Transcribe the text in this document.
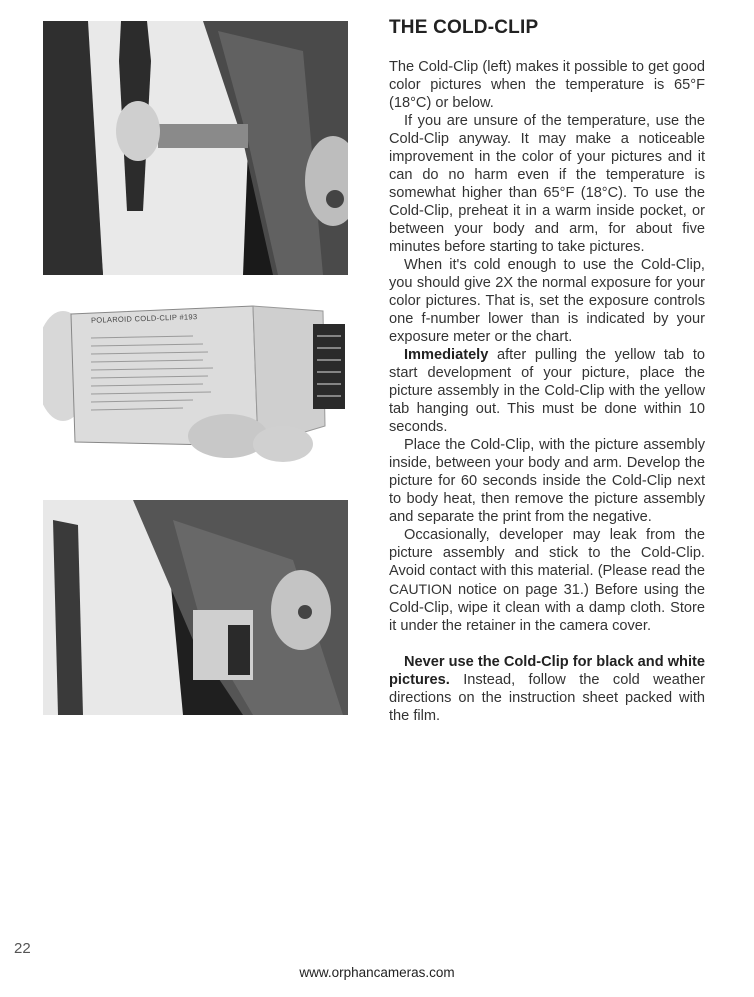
POLAROID COLD-CLIP #193
THE COLD-CLIP

The Cold-Clip (left) makes it possible to get good color pictures when the temperature is 65°F (18°C) or below.

If you are unsure of the temperature, use the Cold-Clip anyway. It may make a noticeable improvement in the color of your pictures and it can do no harm even if the temperature is somewhat higher than 65°F (18°C). To use the Cold-Clip, preheat it in a warm inside pocket, or between your body and arm, for about five minutes before starting to take pictures.

When it's cold enough to use the Cold-Clip, you should give 2X the normal exposure for your color pictures. That is, set the exposure controls one f-number lower than is indicated by your exposure meter or the chart.

Immediately after pulling the yellow tab to start development of your picture, place the picture assembly in the Cold-Clip with the yellow tab hanging out. This must be done within 10 seconds.

Place the Cold-Clip, with the picture assembly inside, between your body and arm. Develop the picture for 60 seconds inside the Cold-Clip next to body heat, then remove the picture assembly and separate the print from the negative.

Occasionally, developer may leak from the picture assembly and stick to the Cold-Clip. Avoid contact with this material. (Please read the CAUTION notice on page 31.) Before using the Cold-Clip, wipe it clean with a damp cloth. Store it under the retainer in the camera cover.

Never use the Cold-Clip for black and white pictures. Instead, follow the cold weather directions on the instruction sheet packed with the film.

22
www.orphancameras.com
